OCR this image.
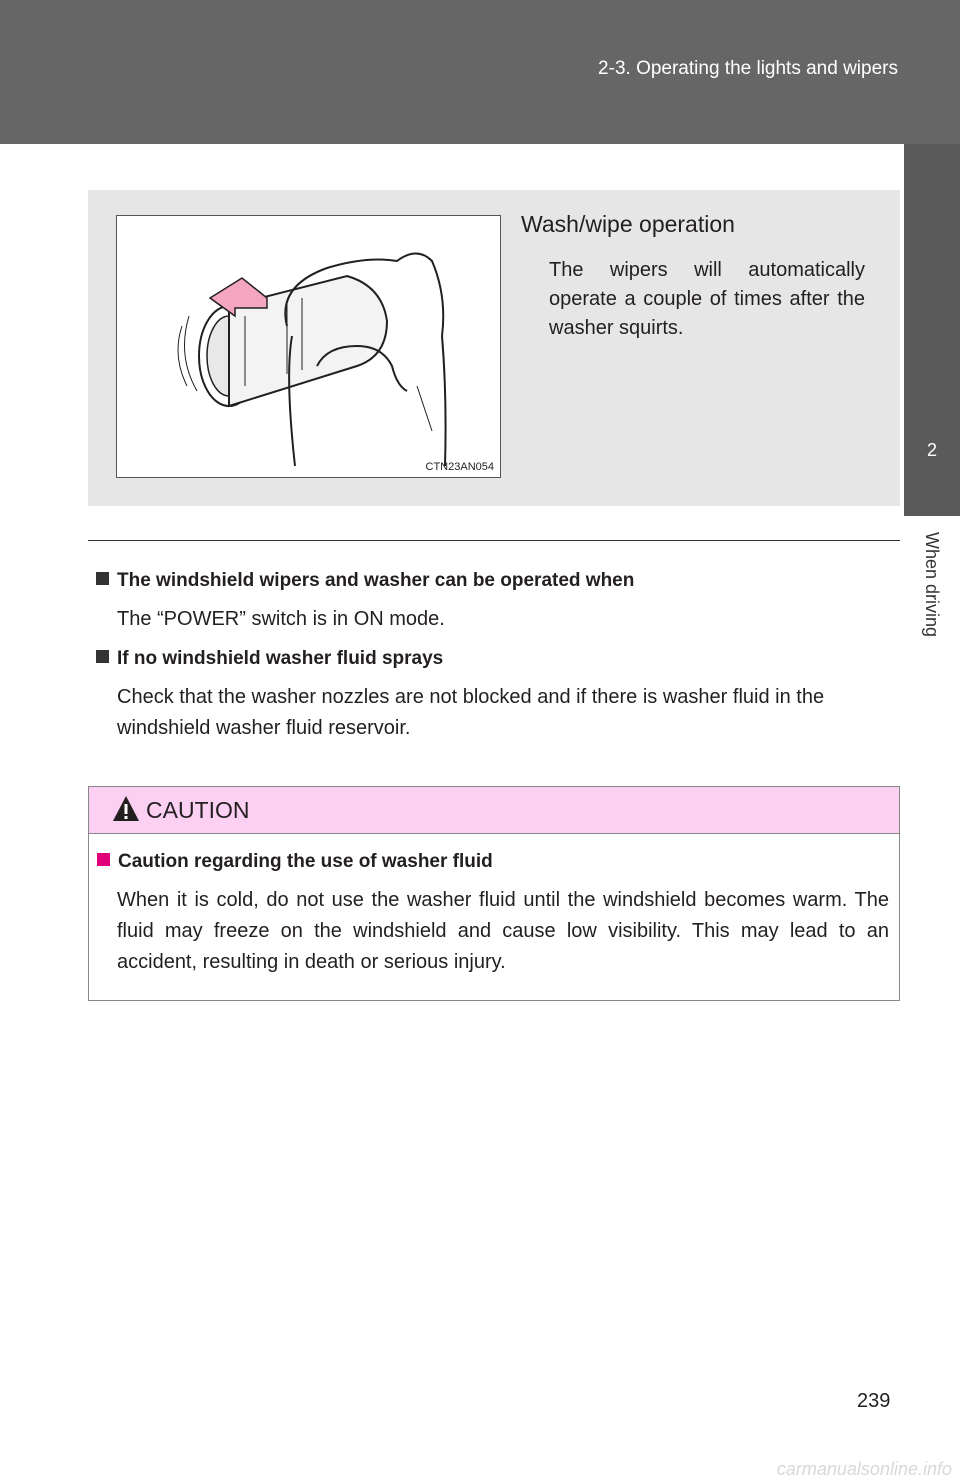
2-3. Operating the lights and wipers
2
When driving
CTN23AN054
Wash/wipe operation
The wipers will automatically operate a couple of times after the washer squirts.
The windshield wipers and washer can be operated when
The “POWER” switch is in ON mode.
If no windshield washer fluid sprays
Check that the washer nozzles are not blocked and if there is washer fluid in the windshield washer fluid reservoir.
CAUTION
Caution regarding the use of washer fluid
When it is cold, do not use the washer fluid until the windshield becomes warm. The fluid may freeze on the windshield and cause low visibility. This may lead to an accident, resulting in death or serious injury.
239
carmanualsonline.info
